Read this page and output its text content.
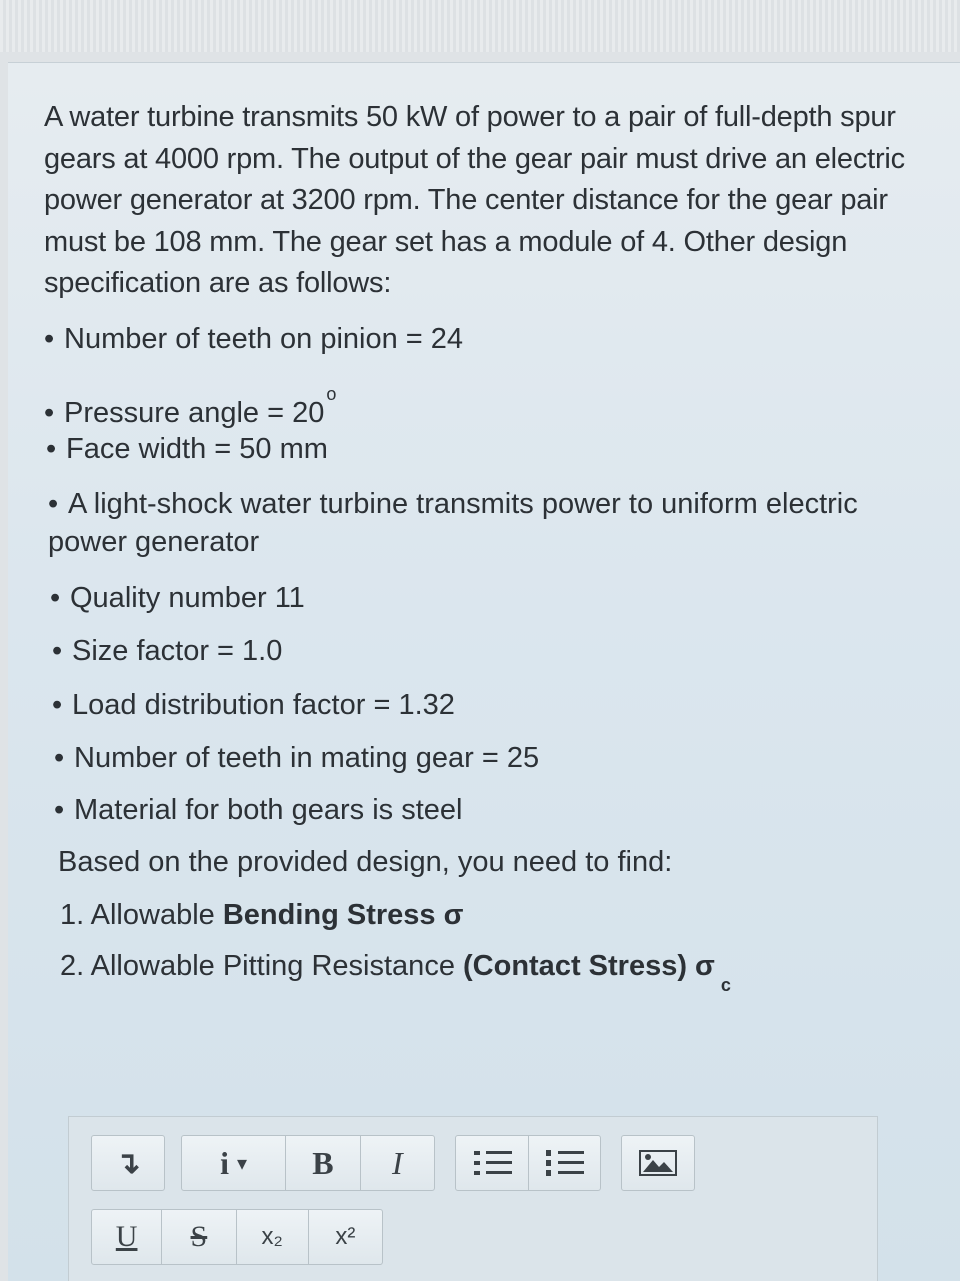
A water turbine transmits 50 kW of power to a pair of full-depth spur gears at 4000 rpm. The output of the gear pair must drive an electric power generator at 3200 rpm. The center distance for the gear pair must be 108 mm. The gear set has a module of 4. Other design specification are as follows:

• Number of teeth on pinion = 24
• Pressure angle = $20^o$
• Face width = 50 mm
• A light-shock water turbine transmits power to uniform electric power generator
• Quality number 11
• Size factor = 1.0
• Load distribution factor = 1.32
• Number of teeth in mating gear = 25
• Material for both gears is steel

Based on the provided design, you need to find:

1. Allowable Bending Stress σ
2. Allowable Pitting Resistance (Contact Stress) $\sigma_c$
↴	i ▾	B	I
U	S	x₂	x²
